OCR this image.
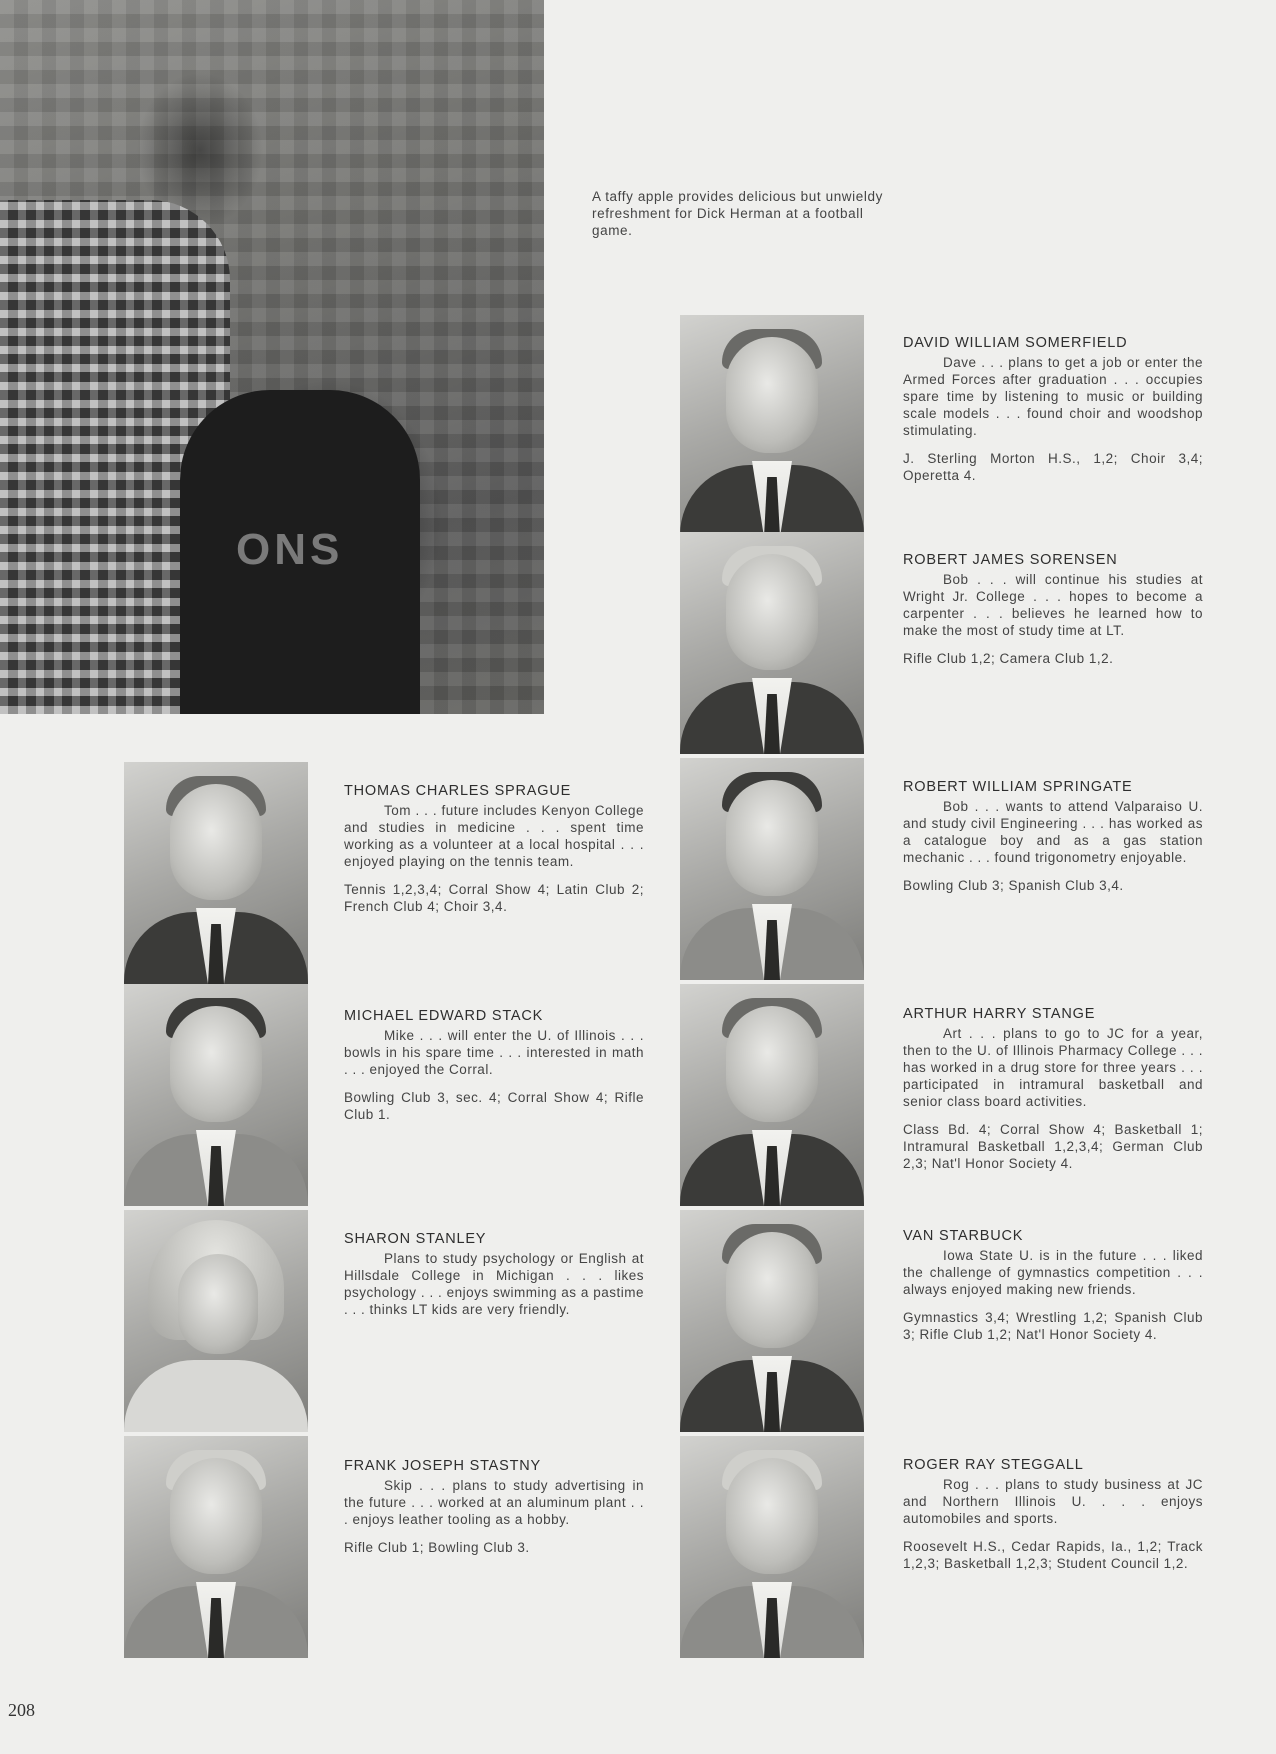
ONS
A taffy apple provides delicious but unwieldy refreshment for Dick Herman at a football game.
DAVID WILLIAM SOMERFIELD

Dave . . . plans to get a job or enter the Armed Forces after graduation . . . occupies spare time by listening to music or building scale models . . . found choir and woodshop stimulating.

J. Sterling Morton H.S., 1,2; Choir 3,4; Operetta 4.

ROBERT JAMES SORENSEN

Bob . . . will continue his studies at Wright Jr. College . . . hopes to become a carpenter . . . believes he learned how to make the most of study time at LT.

Rifle Club 1,2; Camera Club 1,2.

ROBERT WILLIAM SPRINGATE

Bob . . . wants to attend Valparaiso U. and study civil Engineering . . . has worked as a catalogue boy and as a gas station mechanic . . . found trigonometry enjoyable.

Bowling Club 3; Spanish Club 3,4.

ARTHUR HARRY STANGE

Art . . . plans to go to JC for a year, then to the U. of Illinois Pharmacy College . . . has worked in a drug store for three years . . . participated in intramural basketball and senior class board activities.

Class Bd. 4; Corral Show 4; Basketball 1; Intramural Basketball 1,2,3,4; German Club 2,3; Nat'l Honor Society 4.

VAN STARBUCK

Iowa State U. is in the future . . . liked the challenge of gymnastics competition . . . always enjoyed making new friends.

Gymnastics 3,4; Wrestling 1,2; Spanish Club 3; Rifle Club 1,2; Nat'l Honor Society 4.

ROGER RAY STEGGALL

Rog . . . plans to study business at JC and Northern Illinois U. . . . enjoys automobiles and sports.

Roosevelt H.S., Cedar Rapids, Ia., 1,2; Track 1,2,3; Basketball 1,2,3; Student Council 1,2.

THOMAS CHARLES SPRAGUE

Tom . . . future includes Kenyon College and studies in medicine . . . spent time working as a volunteer at a local hospital . . . enjoyed playing on the tennis team.

Tennis 1,2,3,4; Corral Show 4; Latin Club 2; French Club 4; Choir 3,4.

MICHAEL EDWARD STACK

Mike . . . will enter the U. of Illinois . . . bowls in his spare time . . . interested in math . . . enjoyed the Corral.

Bowling Club 3, sec. 4; Corral Show 4; Rifle Club 1.

SHARON STANLEY

Plans to study psychology or English at Hillsdale College in Michigan . . . likes psychology . . . enjoys swimming as a pastime . . . thinks LT kids are very friendly.

FRANK JOSEPH STASTNY

Skip . . . plans to study advertising in the future . . . worked at an aluminum plant . . . enjoys leather tooling as a hobby.

Rifle Club 1; Bowling Club 3.

208
